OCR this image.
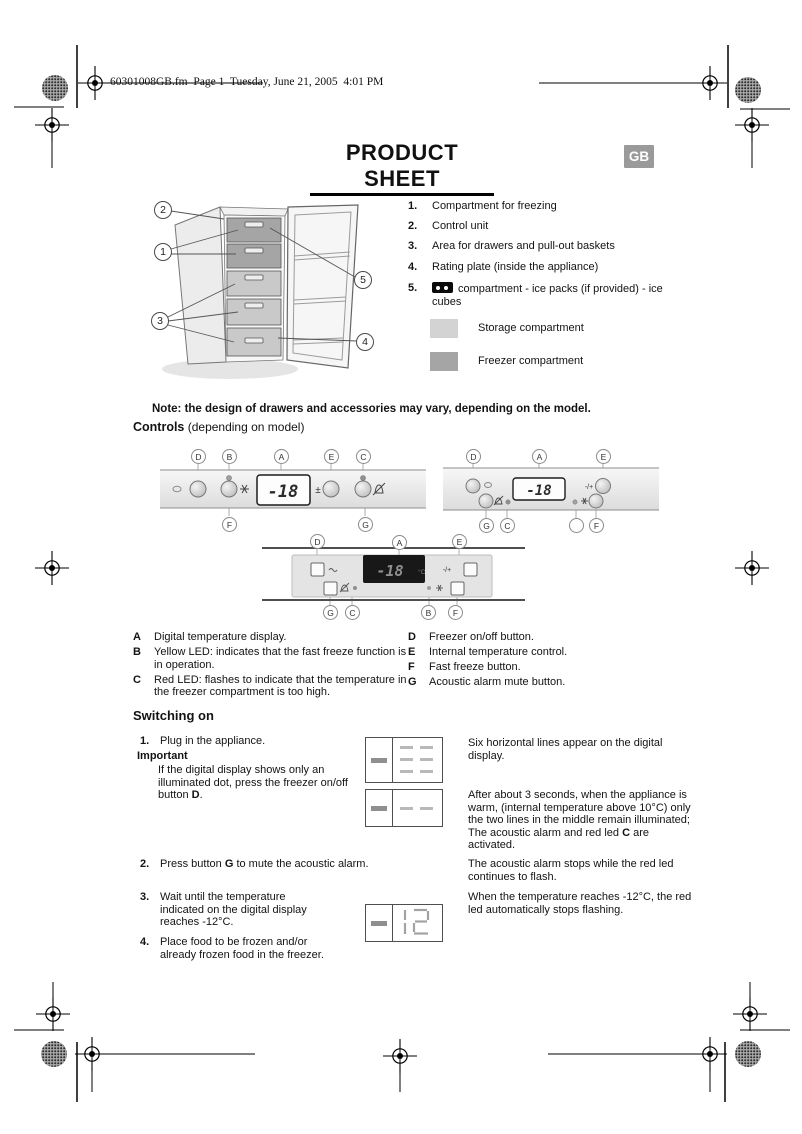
60301008GB.fm  Page 1  Tuesday, June 21, 2005  4:01 PM
PRODUCT SHEET
GB
2
1
3
5
4
1.	Compartment for freezing
2.	Control unit
3.	Area for drawers and pull-out baskets
4.	Rating plate (inside the appliance)
5.	compartment - ice packs (if provided) - ice cubes
Storage compartment
Freezer compartment
Note: the design of drawers and accessories may vary, depending on the model.
Controls (depending on model)
-18 ±
D	B	A	E	C
F	G
-18	-/+
D	A	E
G	C	F
-18 °C	-/+
D	A	E
G	C	B	F
A	Digital temperature display.
B	Yellow LED: indicates that the fast freeze function is in operation.
C	Red LED: flashes to indicate that the temperature in the freezer compartment is too high.
D	Freezer on/off button.
E	Internal temperature control.
F	Fast freeze button.
G	Acoustic alarm mute button.
Switching on
1. Plug in the appliance.
Important
If the digital display shows only an illuminated dot, press the freezer on/off button D.
2. Press button G to mute the acoustic alarm.
3. Wait until the temperature indicated on the digital display reaches -12°C.
4. Place food to be frozen and/or already frozen food in the freezer.
Six horizontal lines appear on the digital display.
After about 3 seconds, when the appliance is warm, (internal temperature above 10°C) only the two lines in the middle remain illuminated; The acoustic alarm and red led C are activated.
The acoustic alarm stops while the red led continues to flash.
When the temperature reaches -12°C, the red led automatically stops flashing.
